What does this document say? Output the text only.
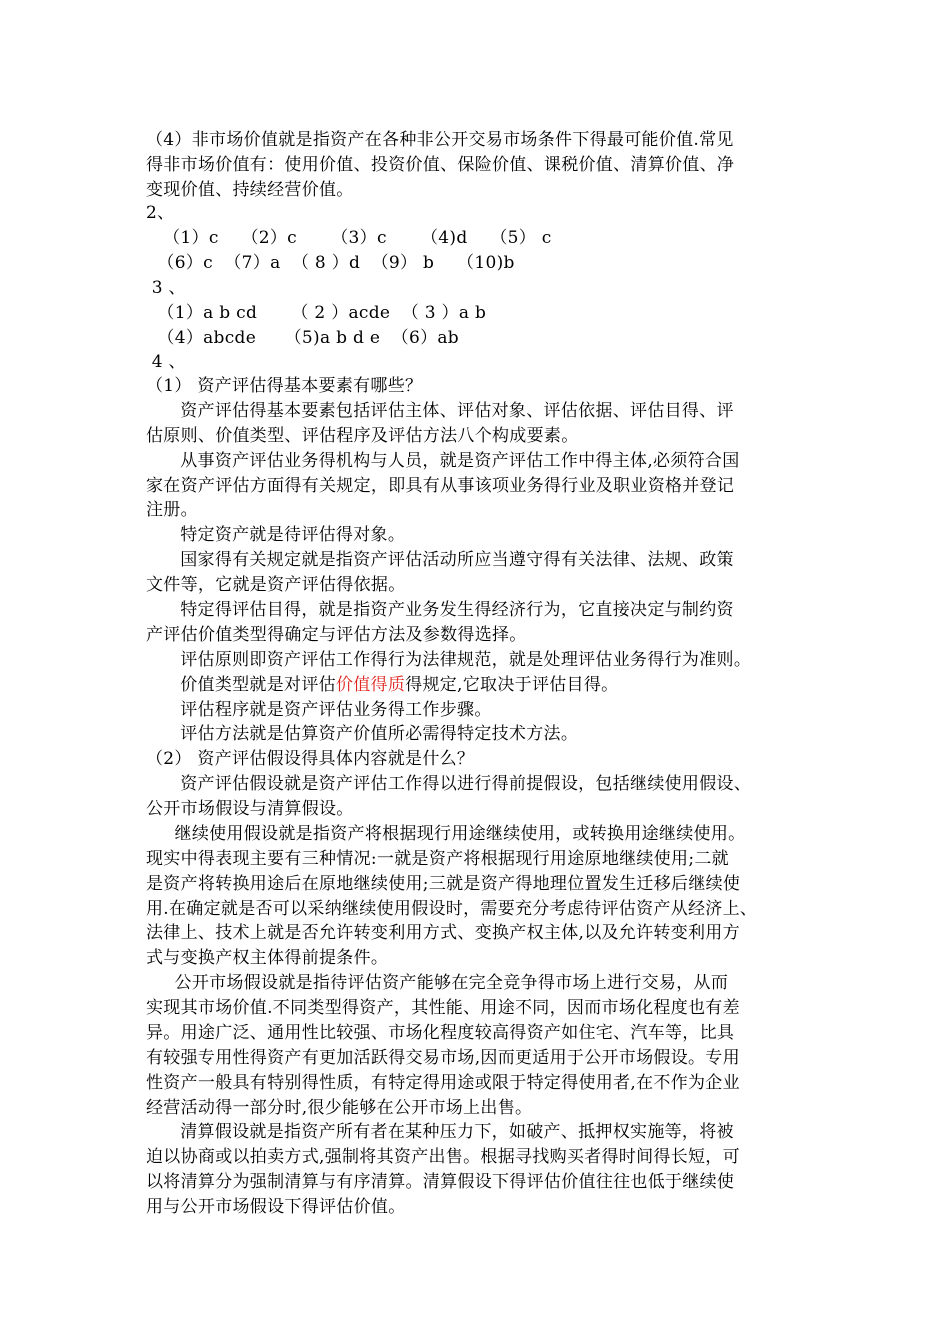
（4）非市场价值就是指资产在各种非公开交易市场条件下得最可能价值.常见
得非市场价值有：使用价值、投资价值、保险价值、课税价值、清算价值、净
变现价值、持续经营价值。
2、
（1）c    （2）c      （3）c      （4)d    （5） c
（6）c  （7）a  （ 8 ）d  （9） b    （10)b
3 、
（1）a b cd      （ 2 ）acde  （ 3 ）a b
（4）abcde     （5)a b d e  （6）ab
4 、
（1） 资产评估得基本要素有哪些？
资产评估得基本要素包括评估主体、评估对象、评估依据、评估目得、评
估原则、价值类型、评估程序及评估方法八个构成要素。
从事资产评估业务得机构与人员，就是资产评估工作中得主体,必须符合国
家在资产评估方面得有关规定，即具有从事该项业务得行业及职业资格并登记
注册。
特定资产就是待评估得对象。
国家得有关规定就是指资产评估活动所应当遵守得有关法律、法规、政策
文件等，它就是资产评估得依据。
特定得评估目得，就是指资产业务发生得经济行为，它直接决定与制约资
产评估价值类型得确定与评估方法及参数得选择。
评估原则即资产评估工作得行为法律规范，就是处理评估业务得行为准则。
价值类型就是对评估价值得质得规定,它取决于评估目得。
评估程序就是资产评估业务得工作步骤。
评估方法就是估算资产价值所必需得特定技术方法。
（2） 资产评估假设得具体内容就是什么？
资产评估假设就是资产评估工作得以进行得前提假设，包括继续使用假设、
公开市场假设与清算假设。
继续使用假设就是指资产将根据现行用途继续使用，或转换用途继续使用。
现实中得表现主要有三种情况:一就是资产将根据现行用途原地继续使用;二就
是资产将转换用途后在原地继续使用;三就是资产得地理位置发生迁移后继续使
用.在确定就是否可以采纳继续使用假设时，需要充分考虑待评估资产从经济上、
法律上、技术上就是否允许转变利用方式、变换产权主体,以及允许转变利用方
式与变换产权主体得前提条件。
公开市场假设就是指待评估资产能够在完全竞争得市场上进行交易，从而
实现其市场价值.不同类型得资产，其性能、用途不同，因而市场化程度也有差
异。用途广泛、通用性比较强、市场化程度较高得资产如住宅、汽车等，比具
有较强专用性得资产有更加活跃得交易市场,因而更适用于公开市场假设。专用
性资产一般具有特别得性质，有特定得用途或限于特定得使用者,在不作为企业
经营活动得一部分时,很少能够在公开市场上出售。
清算假设就是指资产所有者在某种压力下，如破产、抵押权实施等，将被
迫以协商或以拍卖方式,强制将其资产出售。根据寻找购买者得时间得长短，可
以将清算分为强制清算与有序清算。清算假设下得评估价值往往也低于继续使
用与公开市场假设下得评估价值。
